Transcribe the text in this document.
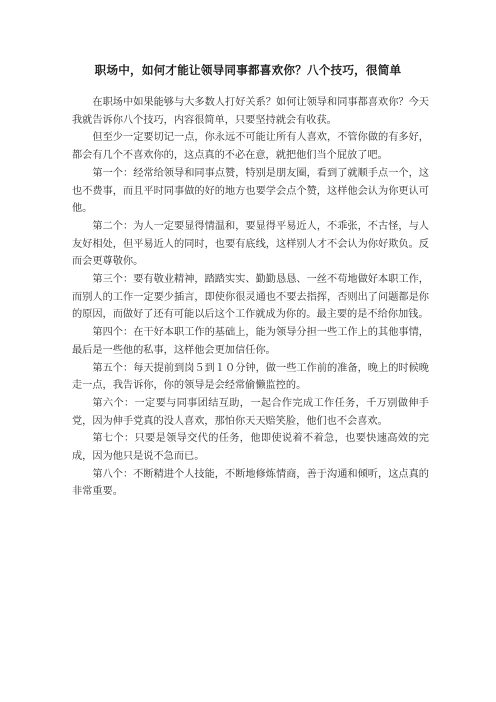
职场中，如何才能让领导同事都喜欢你？八个技巧，很简单

在职场中如果能够与大多数人打好关系？如何让领导和同事都喜欢你？今天我就告诉你八个技巧，内容很简单，只要坚持就会有收获。

但至少一定要切记一点，你永远不可能让所有人喜欢，不管你做的有多好，都会有几个不喜欢你的，这点真的不必在意，就把他们当个屁放了吧。

第一个：经常给领导和同事点赞，特别是朋友圈，看到了就顺手点一个，这也不费事，而且平时同事做的好的地方也要学会点个赞，这样他会认为你更认可他。

第二个：为人一定要显得情温和，要显得平易近人，不乖张，不古怪，与人友好相处，但平易近人的同时，也要有底线，这样别人才不会认为你好欺负。反而会更尊敬你。

第三个：要有敬业精神，踏踏实实、勤勤恳恳、一丝不苟地做好本职工作，而别人的工作一定要少插言，即使你很灵通也不要去指挥，否则出了问题都是你的原因，而做好了还有可能以后这个工作就成为你的。最主要的是不给你加钱。

第四个：在干好本职工作的基础上，能为领导分担一些工作上的其他事情，最后是一些他的私事，这样他会更加信任你。

第五个：每天提前到岗５到１０分钟，做一些工作前的准备，晚上的时候晚走一点，我告诉你，你的领导是会经常偷懒监控的。

第六个：一定要与同事团结互助，一起合作完成工作任务，千万别做伸手党，因为伸手党真的没人喜欢，那怕你天天赔笑脸，他们也不会喜欢。

第七个：只要是领导交代的任务，他即使说着不着急，也要快速高效的完成，因为他只是说不急而已。

第八个：不断精进个人技能，不断地修炼情商，善于沟通和倾听，这点真的非常重要。
